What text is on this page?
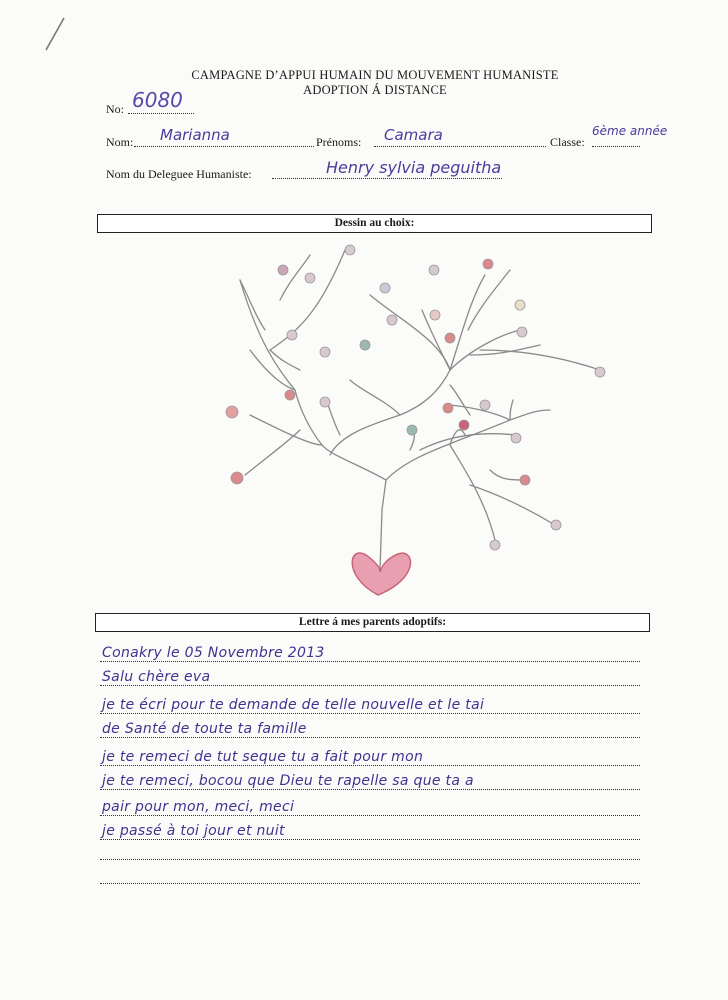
CAMPAGNE D’APPUI HUMAIN DU MOUVEMENT HUMANISTE
ADOPTION Á DISTANCE
No: 6080
Nom: Marianna	Prénoms: Camara	Classe:
6ème année
Nom du Deleguee Humaniste:	Henry sylvia peguitha
Dessin au choix:
Lettre á mes parents adoptifs:
Conakry le 05 Novembre 2013
Salu chère eva
je te écri pour te demande de telle nouvelle et le tai
de Santé de toute ta famille
je te remeci de tut seque tu a fait pour mon
je te remeci, bocou que Dieu te rapelle sa que ta a
pair pour mon, meci, meci
je passé à toi jour et nuit
